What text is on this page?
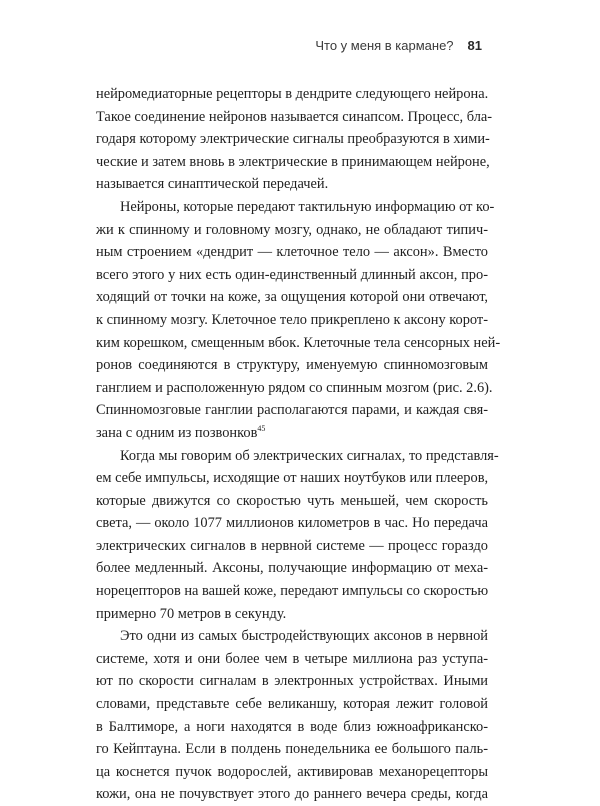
Что у меня в кармане? 81

нейромедиаторные рецепторы в дендрите следующего нейрона.
Такое соединение нейронов называется синапсом. Процесс, бла-
годаря которому электрические сигналы преобразуются в хими-
ческие и затем вновь в электрические в принимающем нейроне,
называется синаптической передачей.

Нейроны, которые передают тактильную информацию от ко-
жи к спинному и головному мозгу, однако, не обладают типич-
ным строением «дендрит — клеточное тело — аксон». Вместо
всего этого у них есть один-единственный длинный аксон, про-
ходящий от точки на коже, за ощущения которой они отвечают,
к спинному мозгу. Клеточное тело прикреплено к аксону корот-
ким корешком, смещенным вбок. Клеточные тела сенсорных ней-
ронов соединяются в структуру, именуемую спинномозговым
ганглием и расположенную рядом со спинным мозгом (рис. 2.6).
Спинномозговые ганглии располагаются парами, и каждая свя-
зана с одним из позвонков$^{45}$

Когда мы говорим об электрических сигналах, то представля-
ем себе импульсы, исходящие от наших ноутбуков или плееров,
которые движутся со скоростью чуть меньшей, чем скорость
света, — около 1077 миллионов километров в час. Но передача
электрических сигналов в нервной системе — процесс гораздо
более медленный. Аксоны, получающие информацию от меха-
норецепторов на вашей коже, передают импульсы со скоростью
примерно 70 метров в секунду.

Это одни из самых быстродействующих аксонов в нервной
системе, хотя и они более чем в четыре миллиона раз уступа-
ют по скорости сигналам в электронных устройствах. Иными
словами, представьте себе великаншу, которая лежит головой
в Балтиморе, а ноги находятся в воде близ южноафриканско-
го Кейптауна. Если в полдень понедельника ее большого паль-
ца коснется пучок водорослей, активировав механорецепторы
кожи, она не почувствует этого до раннего вечера среды, когда
